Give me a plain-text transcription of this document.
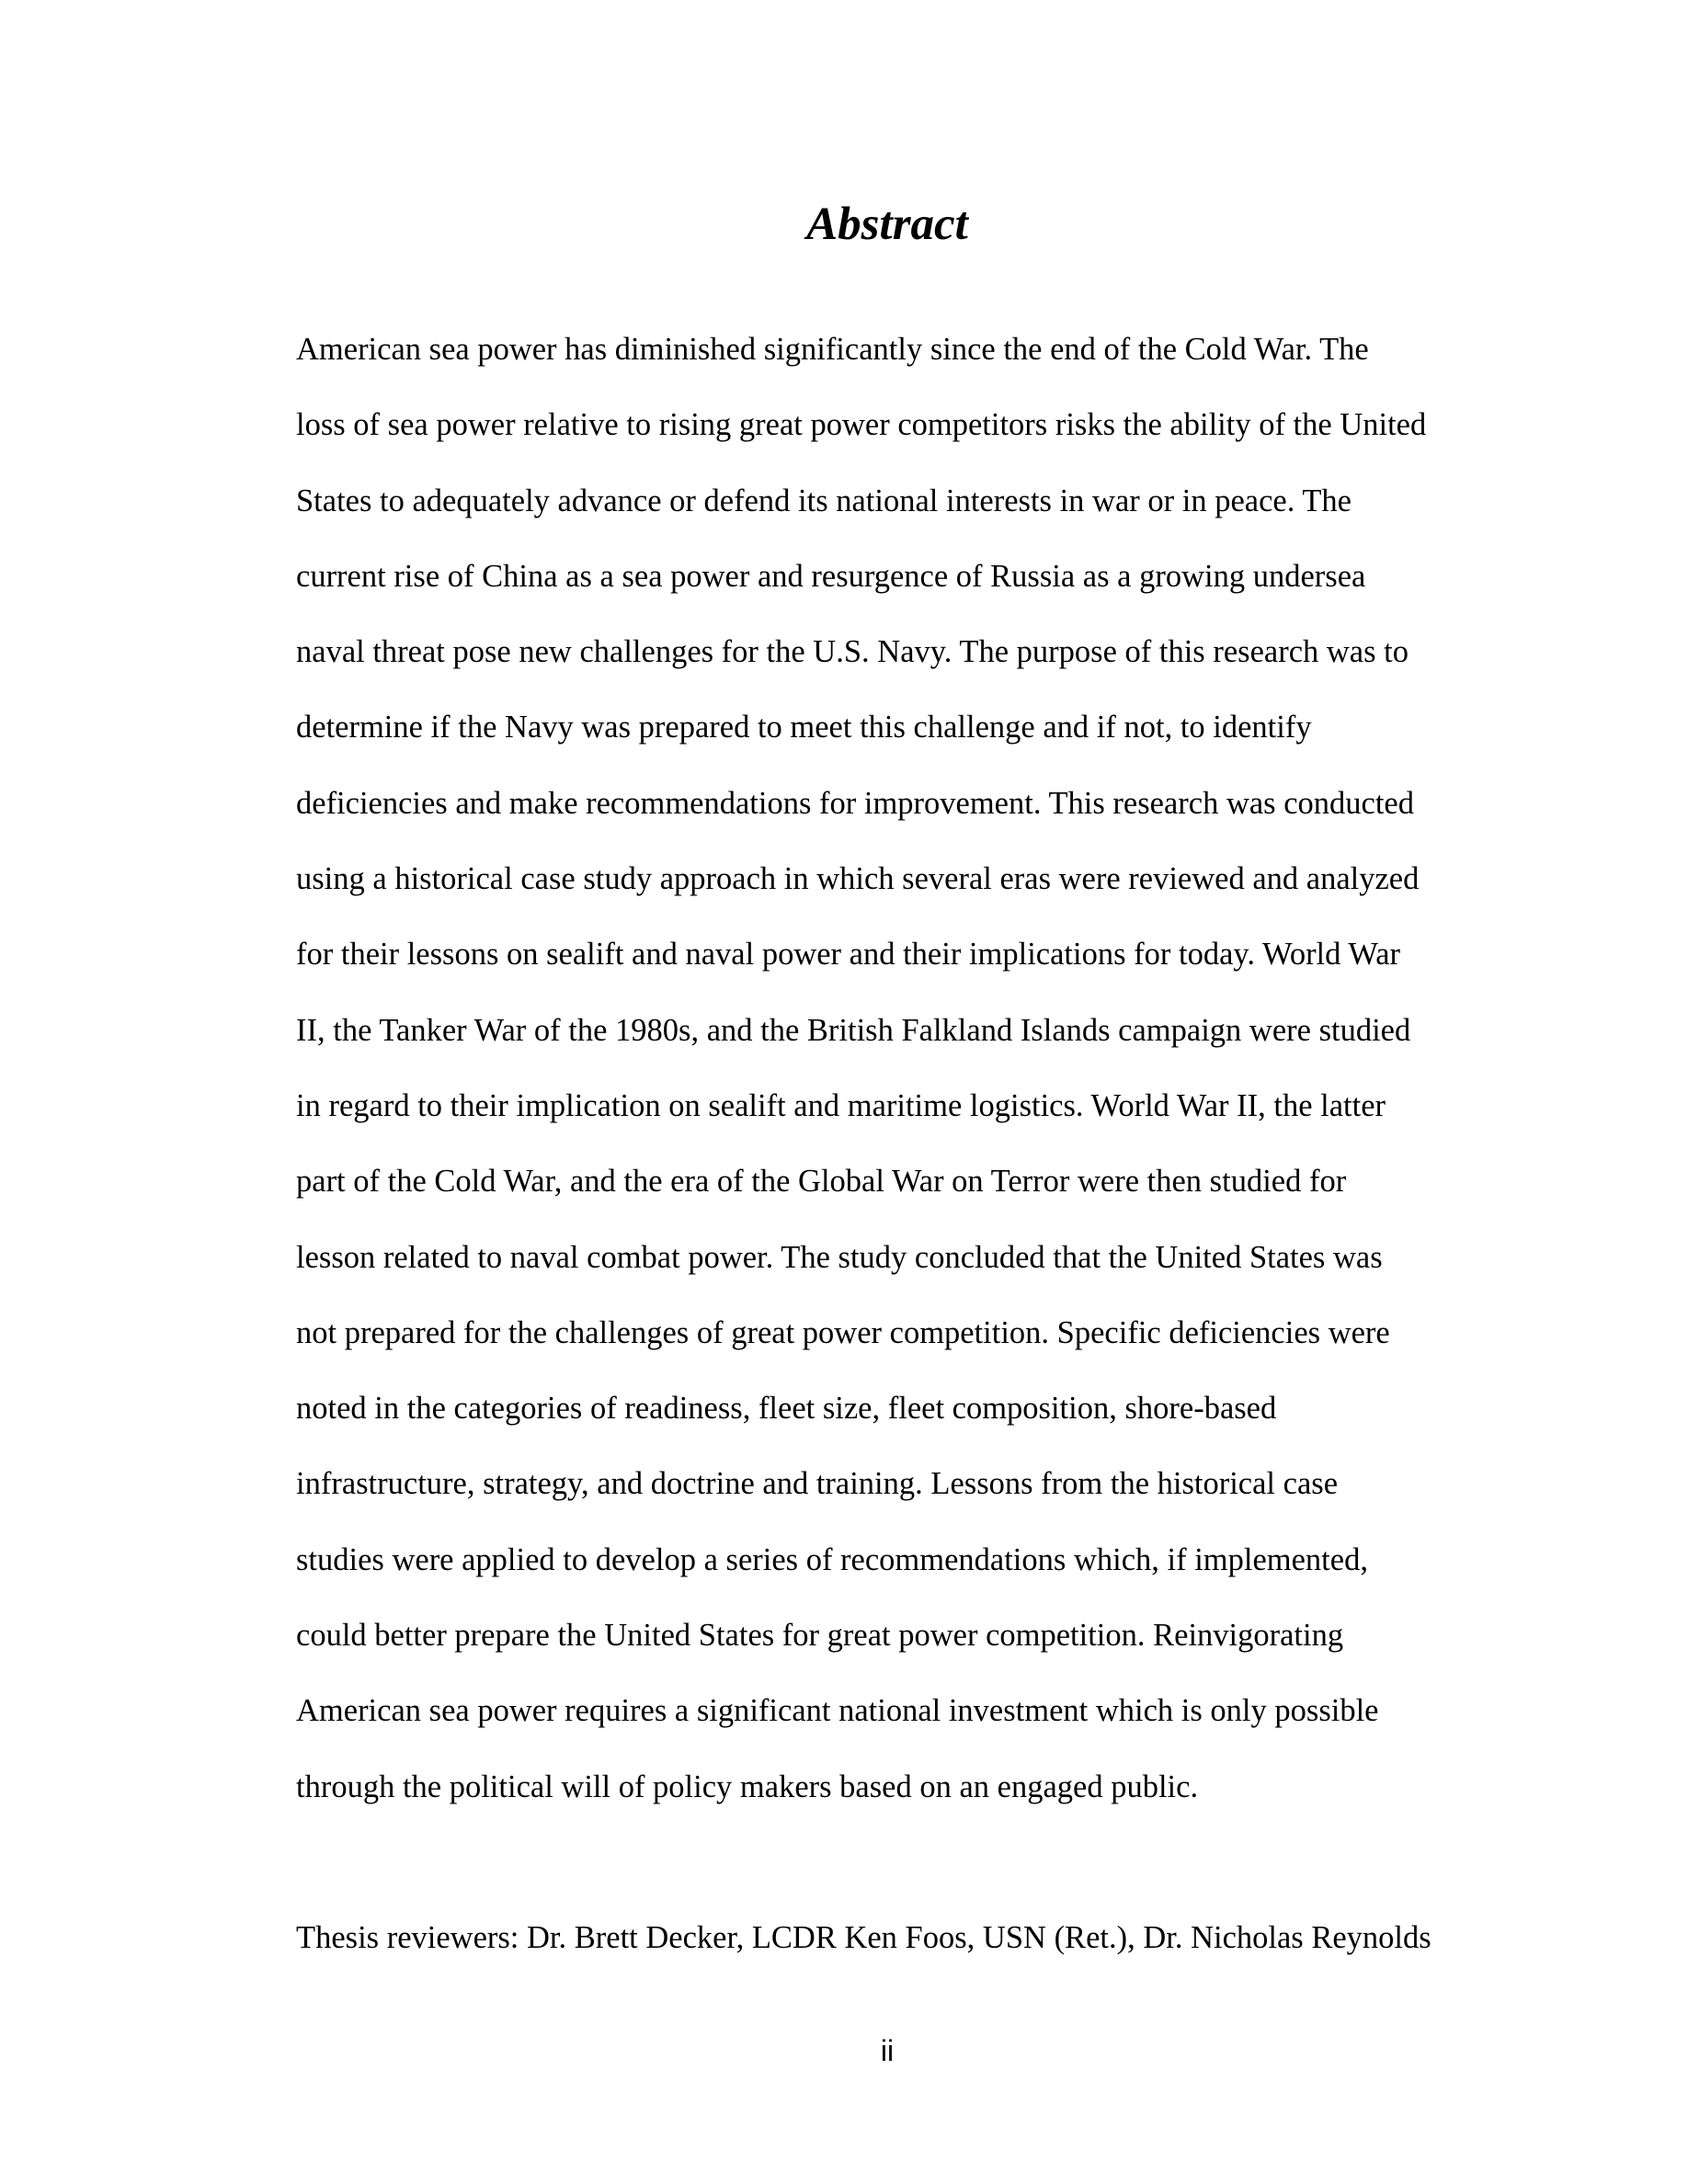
Abstract
American sea power has diminished significantly since the end of the Cold War. The
loss of sea power relative to rising great power competitors risks the ability of the United
States to adequately advance or defend its national interests in war or in peace. The
current rise of China as a sea power and resurgence of Russia as a growing undersea
naval threat pose new challenges for the U.S. Navy. The purpose of this research was to
determine if the Navy was prepared to meet this challenge and if not, to identify
deficiencies and make recommendations for improvement. This research was conducted
using a historical case study approach in which several eras were reviewed and analyzed
for their lessons on sealift and naval power and their implications for today. World War
II, the Tanker War of the 1980s, and the British Falkland Islands campaign were studied
in regard to their implication on sealift and maritime logistics. World War II, the latter
part of the Cold War, and the era of the Global War on Terror were then studied for
lesson related to naval combat power. The study concluded that the United States was
not prepared for the challenges of great power competition. Specific deficiencies were
noted in the categories of readiness, fleet size, fleet composition, shore-based
infrastructure, strategy, and doctrine and training. Lessons from the historical case
studies were applied to develop a series of recommendations which, if implemented,
could better prepare the United States for great power competition. Reinvigorating
American sea power requires a significant national investment which is only possible
through the political will of policy makers based on an engaged public.
Thesis reviewers: Dr. Brett Decker, LCDR Ken Foos, USN (Ret.), Dr. Nicholas Reynolds
ii
